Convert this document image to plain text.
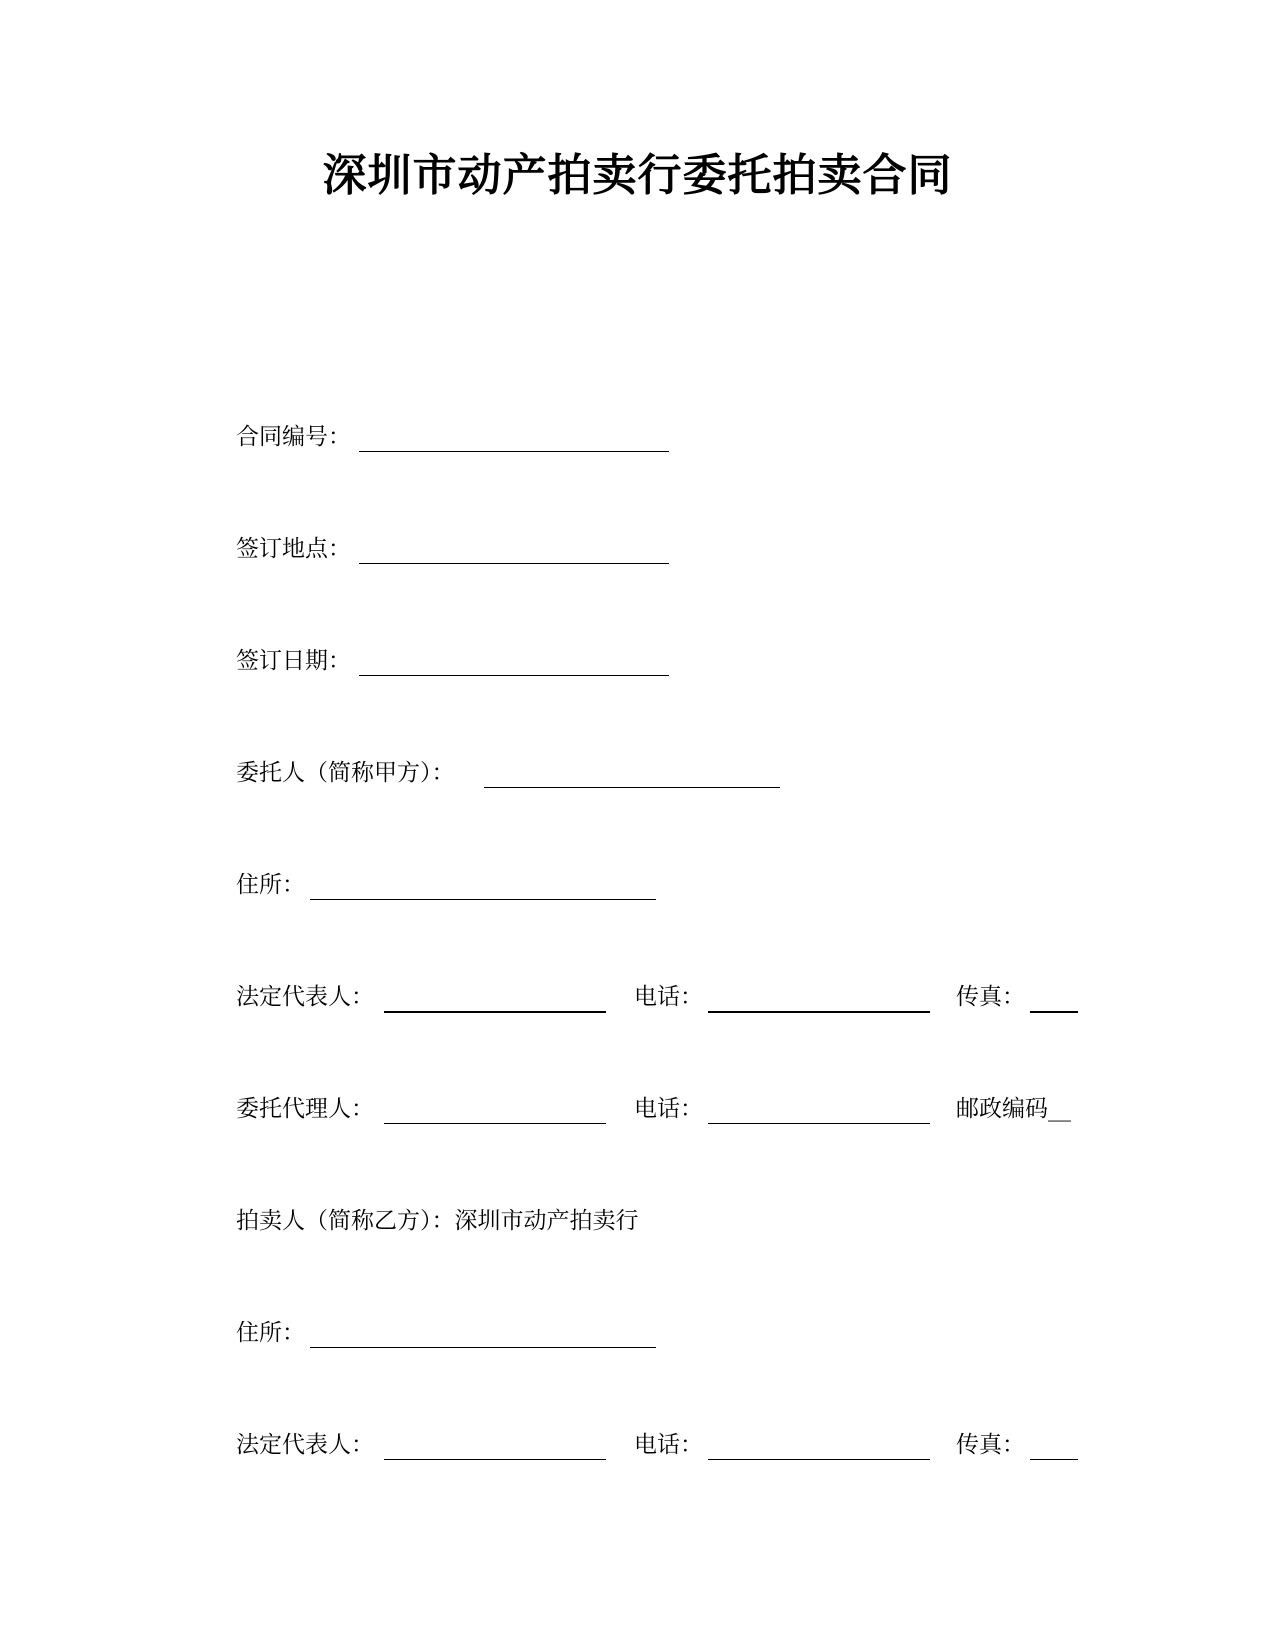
深圳市动产拍卖行委托拍卖合同
合同编号：
签订地点：
签订日期：
委托人（简称甲方）：
住所：
法定代表人：	电话：	传真：
委托代理人：	电话：	邮政编码__
拍卖人（简称乙方）：深圳市动产拍卖行
住所：
法定代表人：	电话：	传真：
